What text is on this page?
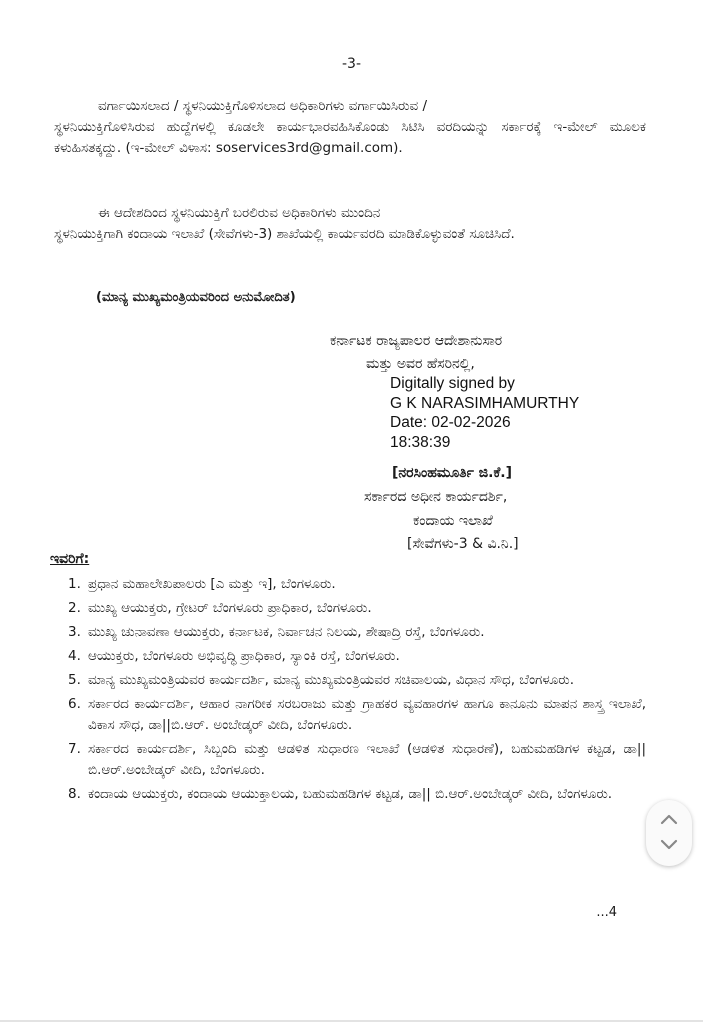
-3-
ವರ್ಗಾಯಿಸಲಾದ / ಸ್ಥಳನಿಯುಕ್ತಿಗೊಳಿಸಲಾದ ಅಧಿಕಾರಿಗಳು ವರ್ಗಾಯಿಸಿರುವ /
ಸ್ಥಳನಿಯುಕ್ತಿಗೊಳಿಸಿರುವ ಹುದ್ದೆಗಳಲ್ಲಿ ಕೂಡಲೇ ಕಾರ್ಯಭಾರವಹಿಸಿಕೊಂಡು ಸಿಟಿಸಿ ವರದಿಯನ್ನು ಸರ್ಕಾರಕ್ಕೆ ಇ-ಮೇಲ್ ಮೂಲಕ ಕಳುಹಿಸತಕ್ಕದ್ದು. (ಇ-ಮೇಲ್ ವಿಳಾಸ: soservices3rd@gmail.com).
ಈ ಆದೇಶದಿಂದ ಸ್ಥಳನಿಯುಕ್ತಿಗೆ ಬರಲಿರುವ ಅಧಿಕಾರಿಗಳು ಮುಂದಿನ
ಸ್ಥಳನಿಯುಕ್ತಿಗಾಗಿ ಕಂದಾಯ ಇಲಾಖೆ (ಸೇವೆಗಳು-3) ಶಾಖೆಯಲ್ಲಿ ಕಾರ್ಯವರದಿ ಮಾಡಿಕೊಳ್ಳುವಂತೆ ಸೂಚಿಸಿದೆ.
(ಮಾನ್ಯ ಮುಖ್ಯಮಂತ್ರಿಯವರಿಂದ ಅನುಮೋದಿತ)
ಕರ್ನಾಟಕ ರಾಜ್ಯಪಾಲರ ಆದೇಶಾನುಸಾರ
ಮತ್ತು ಅವರ ಹೆಸರಿನಲ್ಲಿ,
Digitally signed by
G K NARASIMHAMURTHY
Date: 02-02-2026
18:38:39
[ನರಸಿಂಹಮೂರ್ತಿ ಜಿ.ಕೆ.]
ಸರ್ಕಾರದ ಅಧೀನ ಕಾರ್ಯದರ್ಶಿ,
ಕಂದಾಯ ಇಲಾಖೆ
[ಸೇವೆಗಳು-3 & ವಿ.ನಿ.]
ಇವರಿಗೆ:
1. ಪ್ರಧಾನ ಮಹಾಲೇಖಪಾಲರು [ಎ ಮತ್ತು ಇ], ಬೆಂಗಳೂರು.
2. ಮುಖ್ಯ ಆಯುಕ್ತರು, ಗ್ರೇಟರ್ ಬೆಂಗಳೂರು ಪ್ರಾಧಿಕಾರ, ಬೆಂಗಳೂರು.
3. ಮುಖ್ಯ ಚುನಾವಣಾ ಆಯುಕ್ತರು, ಕರ್ನಾಟಕ, ನಿರ್ವಾಚನ ನಿಲಯ, ಶೇಷಾದ್ರಿ ರಸ್ತೆ, ಬೆಂಗಳೂರು.
4. ಆಯುಕ್ತರು, ಬೆಂಗಳೂರು ಅಭಿವೃದ್ಧಿ ಪ್ರಾಧಿಕಾರ, ಸ್ಯಾಂಕಿ ರಸ್ತೆ, ಬೆಂಗಳೂರು.
5. ಮಾನ್ಯ ಮುಖ್ಯಮಂತ್ರಿಯವರ ಕಾರ್ಯದರ್ಶಿ, ಮಾನ್ಯ ಮುಖ್ಯಮಂತ್ರಿಯವರ ಸಚಿವಾಲಯ, ವಿಧಾನ ಸೌಧ, ಬೆಂಗಳೂರು.
6. ಸರ್ಕಾರದ ಕಾರ್ಯದರ್ಶಿ, ಆಹಾರ ನಾಗರೀಕ ಸರಬರಾಜು ಮತ್ತು ಗ್ರಾಹಕರ ವ್ಯವಹಾರಗಳ ಹಾಗೂ ಕಾನೂನು ಮಾಪನ ಶಾಸ್ತ್ರ ಇಲಾಖೆ, ವಿಕಾಸ ಸೌಧ, ಡಾ||ಬಿ.ಆರ್. ಅಂಬೇಡ್ಕರ್ ವೀದಿ, ಬೆಂಗಳೂರು.
7. ಸರ್ಕಾರದ ಕಾರ್ಯದರ್ಶಿ, ಸಿಬ್ಬಂದಿ ಮತ್ತು ಆಡಳಿತ ಸುಧಾರಣ ಇಲಾಖೆ (ಆಡಳಿತ ಸುಧಾರಣೆ), ಬಹುಮಹಡಿಗಳ ಕಟ್ಟಡ, ಡಾ|| ಬಿ.ಆರ್.ಅಂಬೇಡ್ಕರ್ ವೀದಿ, ಬೆಂಗಳೂರು.
8. ಕಂದಾಯ ಆಯುಕ್ತರು, ಕಂದಾಯ ಆಯುಕ್ತಾಲಯ, ಬಹುಮಹಡಿಗಳ ಕಟ್ಟಡ, ಡಾ|| ಬಿ.ಆರ್.ಅಂಬೇಡ್ಕರ್ ವೀದಿ, ಬೆಂಗಳೂರು.
...4
